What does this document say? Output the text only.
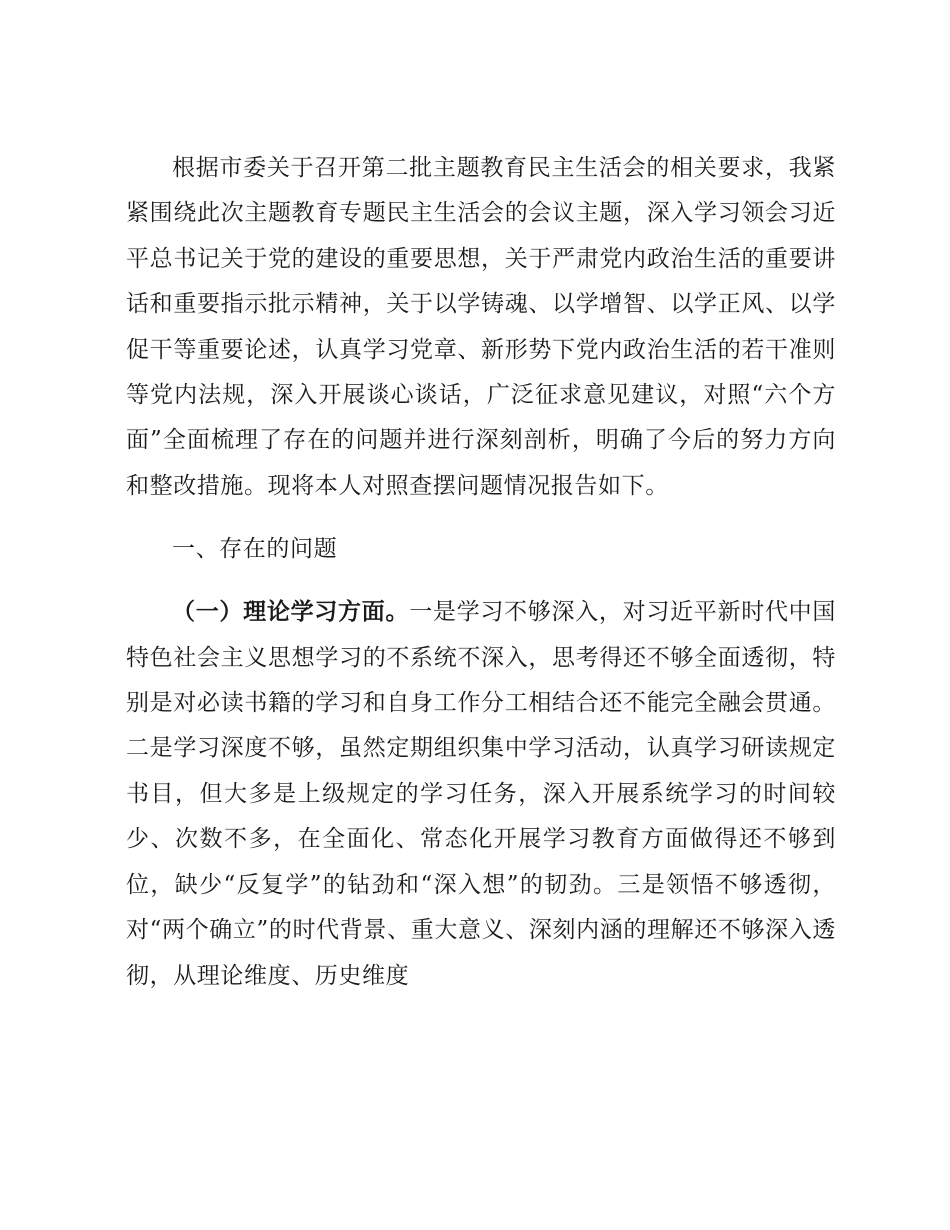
根据市委关于召开第二批主题教育民主生活会的相关要求，我紧紧围绕此次主题教育专题民主生活会的会议主题，深入学习领会习近平总书记关于党的建设的重要思想，关于严肃党内政治生活的重要讲话和重要指示批示精神，关于以学铸魂、以学增智、以学正风、以学促干等重要论述，认真学习党章、新形势下党内政治生活的若干准则等党内法规，深入开展谈心谈话，广泛征求意见建议，对照“六个方面”全面梳理了存在的问题并进行深刻剖析，明确了今后的努力方向和整改措施。现将本人对照查摆问题情况报告如下。

一、存在的问题

（一）理论学习方面。一是学习不够深入，对习近平新时代中国特色社会主义思想学习的不系统不深入，思考得还不够全面透彻，特别是对必读书籍的学习和自身工作分工相结合还不能完全融会贯通。二是学习深度不够，虽然定期组织集中学习活动，认真学习研读规定书目，但大多是上级规定的学习任务，深入开展系统学习的时间较少、次数不多，在全面化、常态化开展学习教育方面做得还不够到位，缺少“反复学”的钻劲和“深入想”的韧劲。三是领悟不够透彻，对“两个确立”的时代背景、重大意义、深刻内涵的理解还不够深入透彻，从理论维度、历史维度
